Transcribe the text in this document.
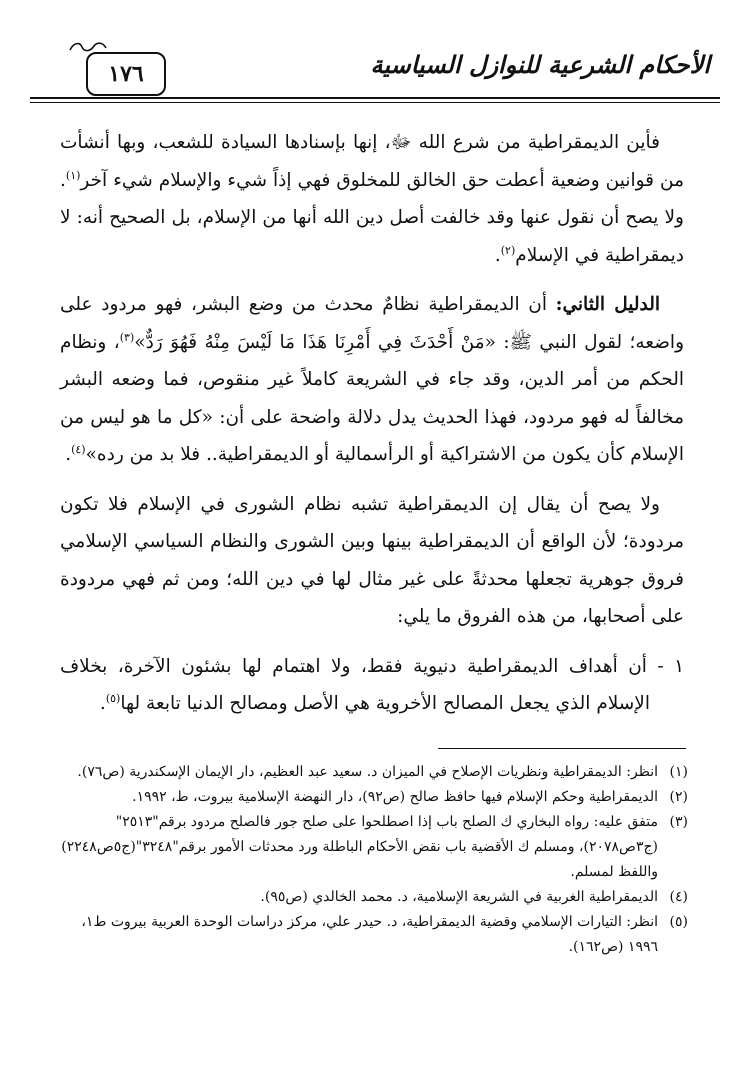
١٧٦	الأحكام الشرعية للنوازل السياسية

فأين الديمقراطية من شرع الله ﷻ، إنها بإسنادها السيادة للشعب، وبها أنشأت من قوانين وضعية أعطت حق الخالق للمخلوق فهي إذاً شيء والإسلام شيء آخر$^{(١)}$. ولا يصح أن نقول عنها وقد خالفت أصل دين الله أنها من الإسلام، بل الصحيح أنه: لا ديمقراطية في الإسلام$^{(٢)}$.

الدليل الثاني: أن الديمقراطية نظامٌ محدث من وضع البشر، فهو مردود على واضعه؛ لقول النبي ﷺ: «مَنْ أَحْدَثَ فِي أَمْرِنَا هَذَا مَا لَيْسَ مِنْهُ فَهُوَ رَدٌّ»$^{(٣)}$، ونظام الحكم من أمر الدين، وقد جاء في الشريعة كاملاً غير منقوص، فما وضعه البشر مخالفاً له فهو مردود، فهذا الحديث يدل دلالة واضحة على أن: «كل ما هو ليس من الإسلام كأن يكون من الاشتراكية أو الرأسمالية أو الديمقراطية.. فلا بد من رده»$^{(٤)}$.

ولا يصح أن يقال إن الديمقراطية تشبه نظام الشورى في الإسلام فلا تكون مردودة؛ لأن الواقع أن الديمقراطية بينها وبين الشورى والنظام السياسي الإسلامي فروق جوهرية تجعلها محدثةً على غير مثال لها في دين الله؛ ومن ثم فهي مردودة على أصحابها، من هذه الفروق ما يلي:

١ - أن أهداف الديمقراطية دنيوية فقط، ولا اهتمام لها بشئون الآخرة، بخلاف الإسلام الذي يجعل المصالح الأخروية هي الأصل ومصالح الدنيا تابعة لها$^{(٥)}$.

(١)انظر: الديمقراطية ونظريات الإصلاح في الميزان د. سعيد عبد العظيم، دار الإيمان الإسكندرية (ص٧٦).
(٢)الديمقراطية وحكم الإسلام فيها حافظ صالح (ص٩٢)، دار النهضة الإسلامية بيروت، ط، ١٩٩٢.
(٣)متفق عليه: رواه البخاري ك الصلح باب إذا اصطلحوا على صلح جور فالصلح مردود برقم"٢٥١٣" (ج٣ص٢٠٧٨)، ومسلم ك الأقضية باب نقض الأحكام الباطلة ورد محدثات الأمور برقم"٣٢٤٨"(ج٥ص٢٢٤٨) واللفظ لمسلم.
(٤)الديمقراطية الغربية في الشريعة الإسلامية، د. محمد الخالدي (ص٩٥).
(٥)انظر: التيارات الإسلامي وقضية الديمقراطية، د. حيدر علي، مركز دراسات الوحدة العربية بيروت ط١، ١٩٩٦ (ص١٦٢).
